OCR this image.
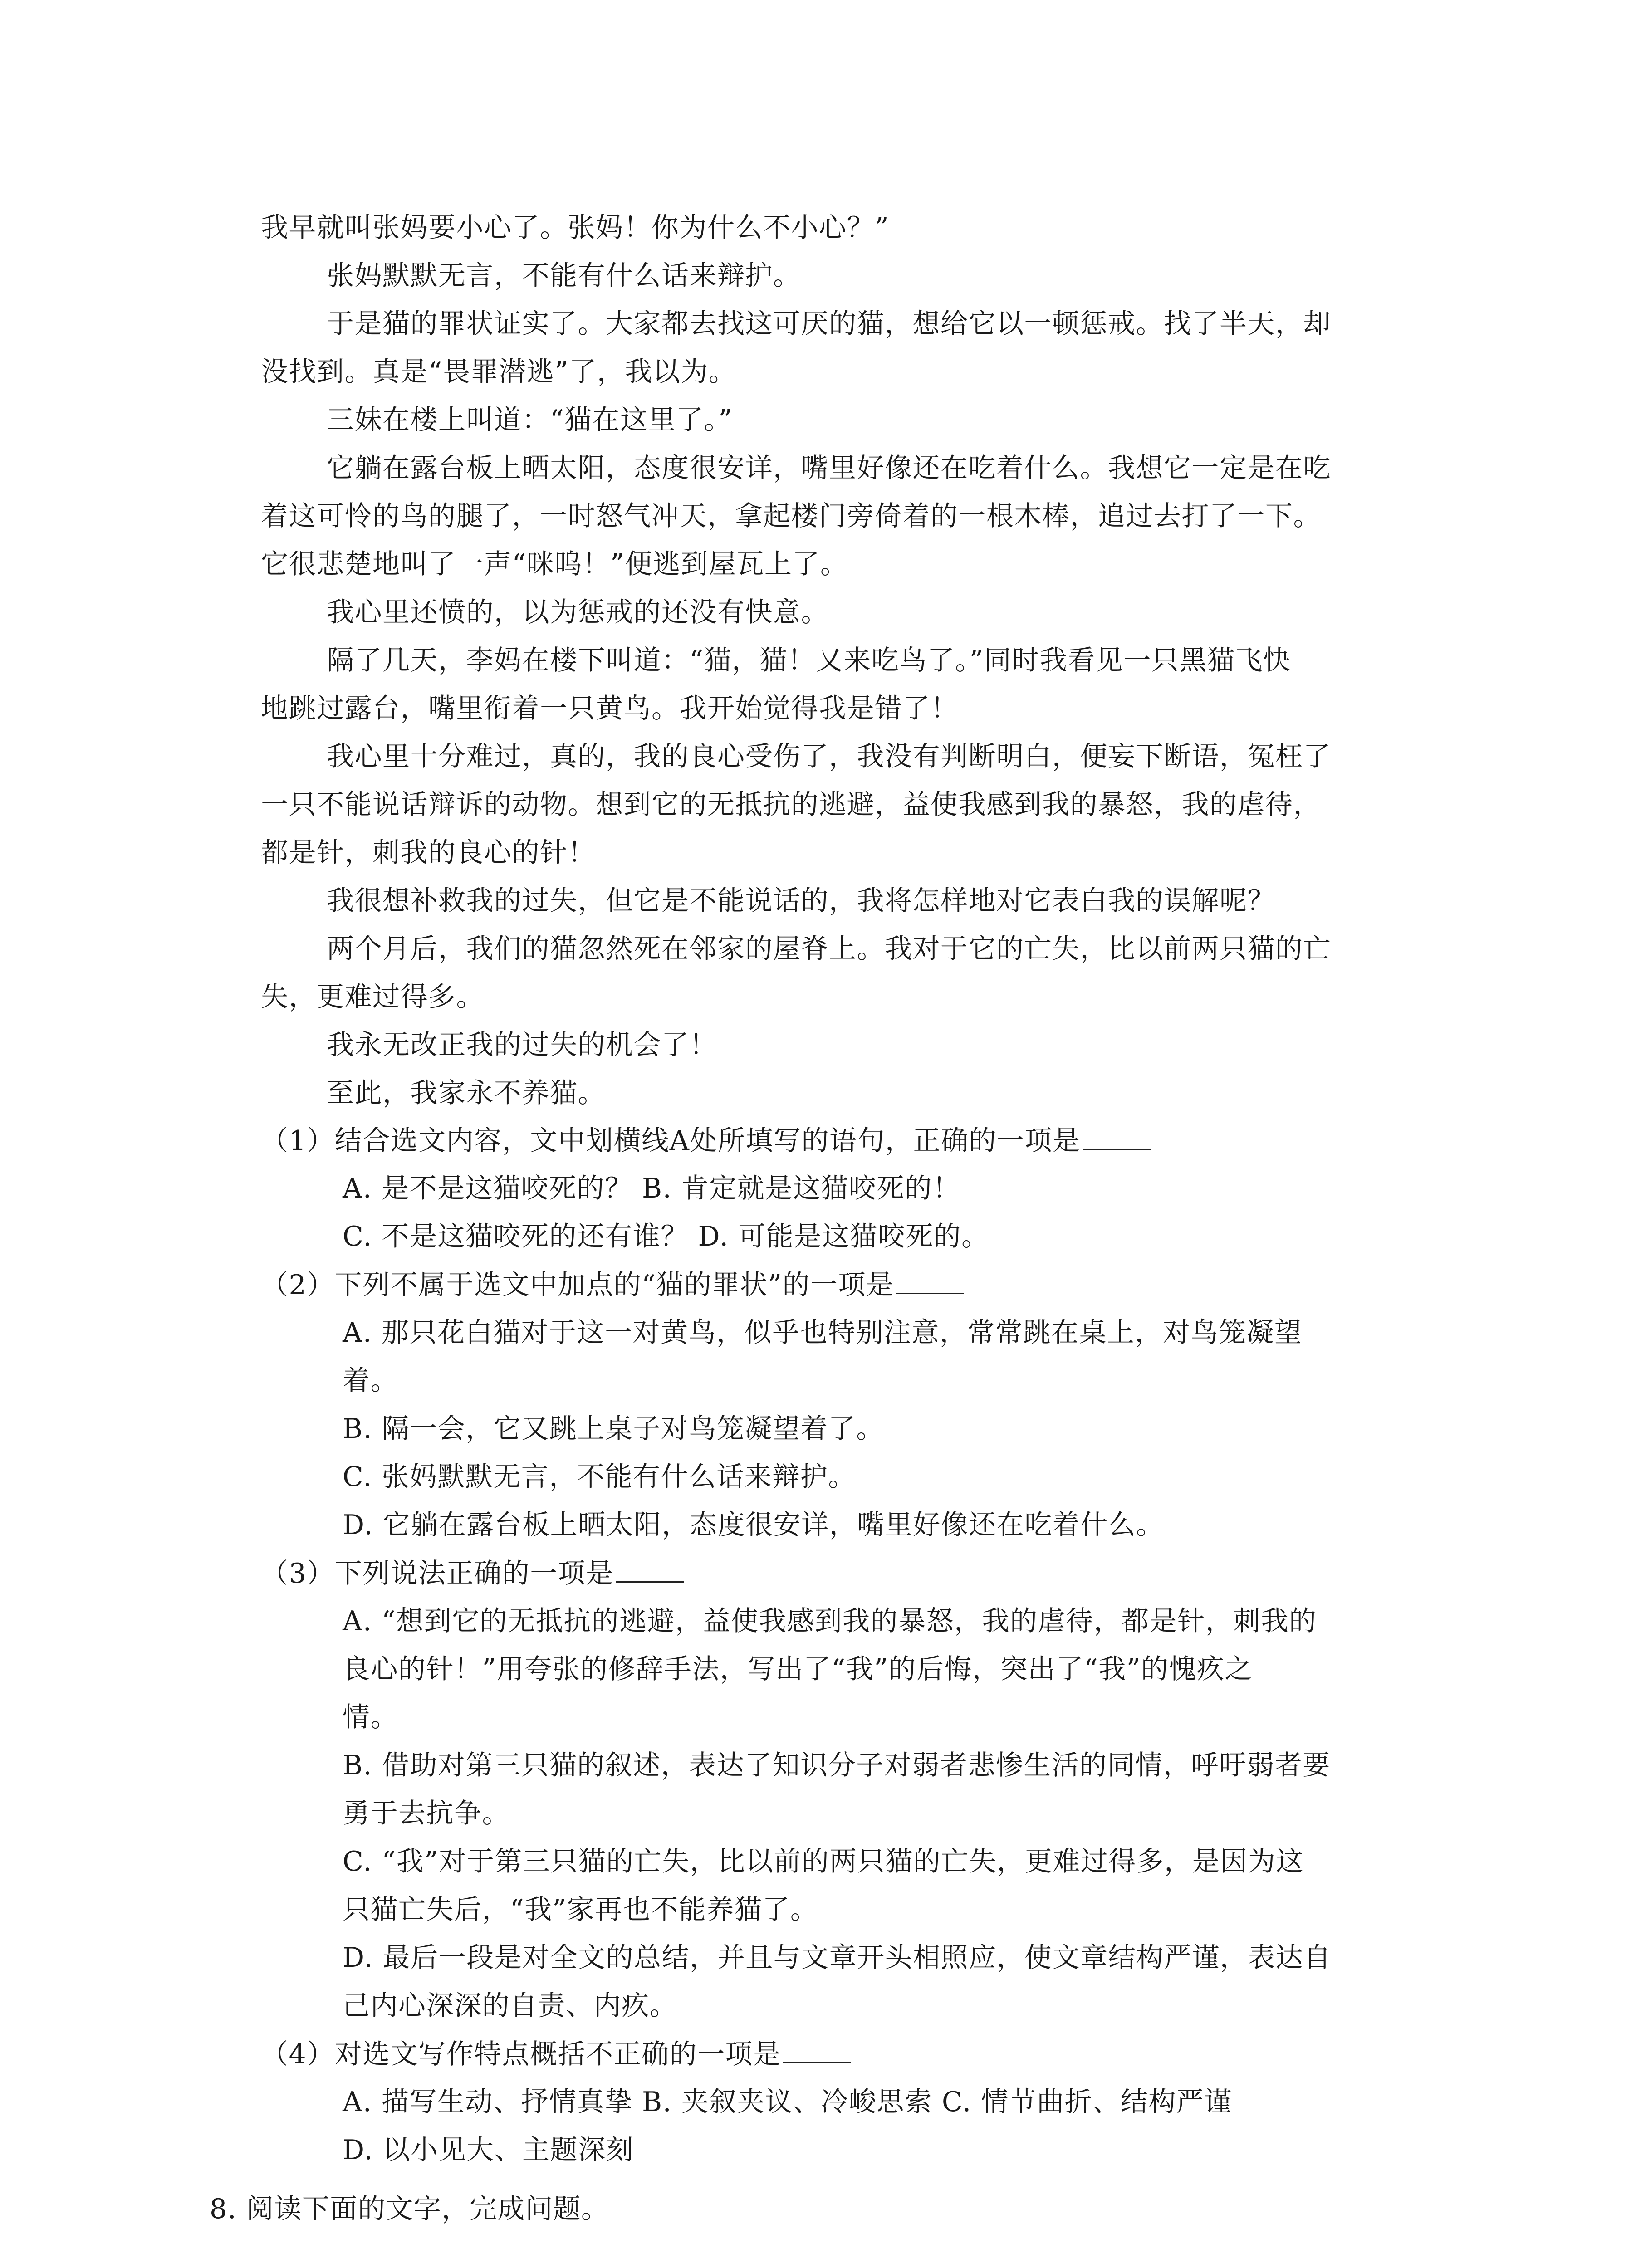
我早就叫张妈要小心了。张妈！你为什么不小心？”
张妈默默无言，不能有什么话来辩护。
于是猫的罪状证实了。大家都去找这可厌的猫，想给它以一顿惩戒。找了半天，却
没找到。真是“畏罪潜逃”了，我以为。
三妹在楼上叫道：“猫在这里了。”
它躺在露台板上晒太阳，态度很安详，嘴里好像还在吃着什么。我想它一定是在吃
着这可怜的鸟的腿了，一时怒气冲天，拿起楼门旁倚着的一根木棒，追过去打了一下。
它很悲楚地叫了一声“咪呜！”便逃到屋瓦上了。
我心里还愤的，以为惩戒的还没有快意。
隔了几天，李妈在楼下叫道：“猫，猫！又来吃鸟了。”同时我看见一只黑猫飞快
地跳过露台，嘴里衔着一只黄鸟。我开始觉得我是错了！
我心里十分难过，真的，我的良心受伤了，我没有判断明白，便妄下断语，冤枉了
一只不能说话辩诉的动物。想到它的无抵抗的逃避，益使我感到我的暴怒，我的虐待，
都是针，刺我的良心的针！
我很想补救我的过失，但它是不能说话的，我将怎样地对它表白我的误解呢？
两个月后，我们的猫忽然死在邻家的屋脊上。我对于它的亡失，比以前两只猫的亡
失，更难过得多。
我永无改正我的过失的机会了！
至此，我家永不养猫。
（1）结合选文内容，文中划横线A处所填写的语句，正确的一项是
A. 是不是这猫咬死的？ B. 肯定就是这猫咬死的！
C. 不是这猫咬死的还有谁？ D. 可能是这猫咬死的。
（2）下列不属于选文中加点的“猫的罪状”的一项是
A. 那只花白猫对于这一对黄鸟，似乎也特别注意，常常跳在桌上，对鸟笼凝望
着。
B. 隔一会，它又跳上桌子对鸟笼凝望着了。
C. 张妈默默无言，不能有什么话来辩护。
D. 它躺在露台板上晒太阳，态度很安详，嘴里好像还在吃着什么。
（3）下列说法正确的一项是
A. “想到它的无抵抗的逃避，益使我感到我的暴怒，我的虐待，都是针，刺我的
良心的针！”用夸张的修辞手法，写出了“我”的后悔，突出了“我”的愧疚之
情。
B. 借助对第三只猫的叙述，表达了知识分子对弱者悲惨生活的同情，呼吁弱者要
勇于去抗争。
C. “我”对于第三只猫的亡失，比以前的两只猫的亡失，更难过得多，是因为这
只猫亡失后，“我”家再也不能养猫了。
D. 最后一段是对全文的总结，并且与文章开头相照应，使文章结构严谨，表达自
己内心深深的自责、内疚。
（4）对选文写作特点概括不正确的一项是
A. 描写生动、抒情真挚 B. 夹叙夹议、冷峻思索 C. 情节曲折、结构严谨
D. 以小见大、主题深刻
8. 阅读下面的文字，完成问题。
